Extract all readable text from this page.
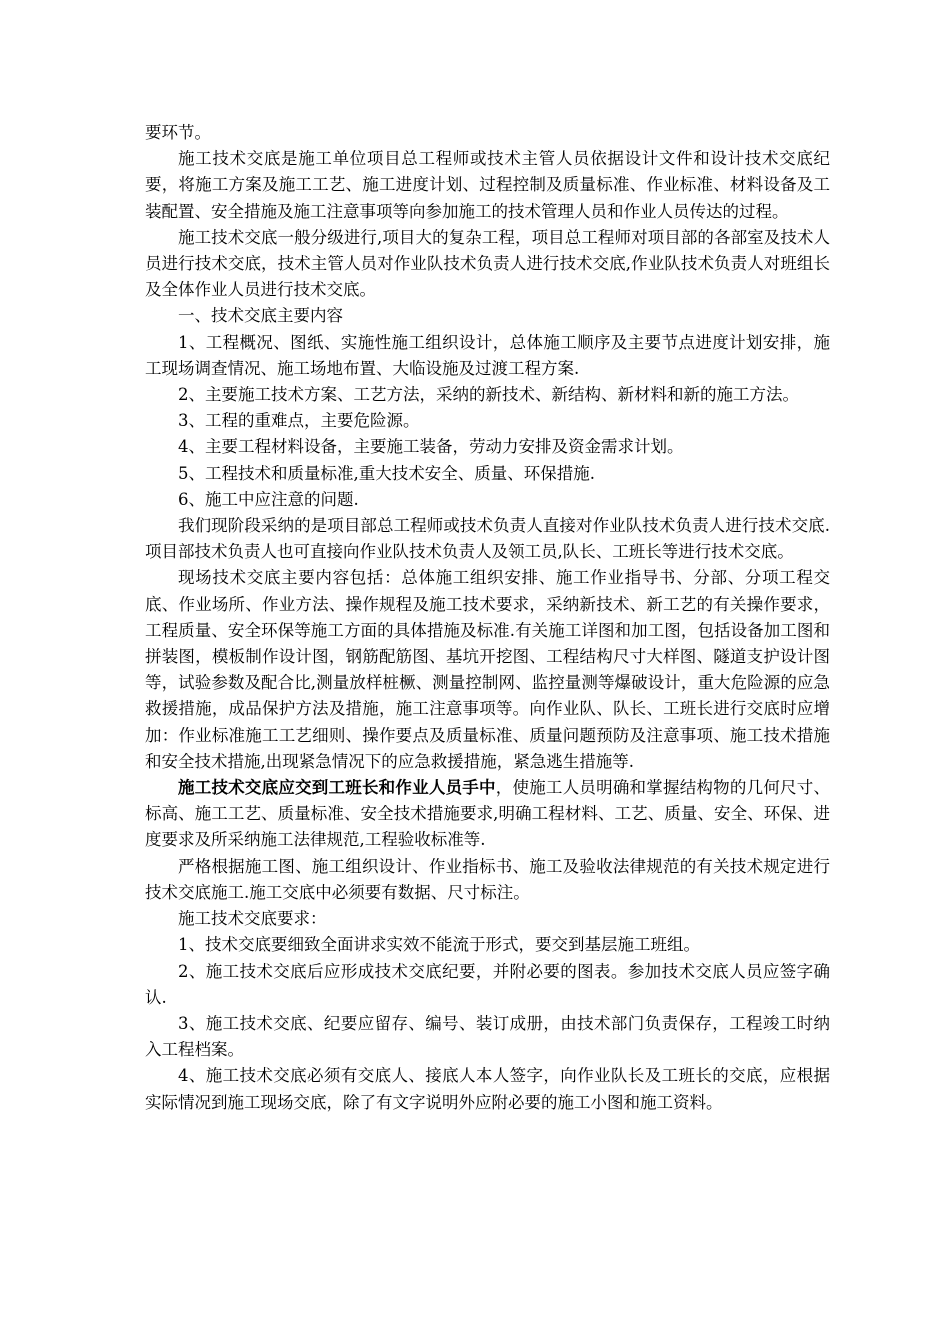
要环节。

施工技术交底是施工单位项目总工程师或技术主管人员依据设计文件和设计技术交底纪要，将施工方案及施工工艺、施工进度计划、过程控制及质量标准、作业标准、材料设备及工装配置、安全措施及施工注意事项等向参加施工的技术管理人员和作业人员传达的过程。

施工技术交底一般分级进行,项目大的复杂工程，项目总工程师对项目部的各部室及技术人员进行技术交底，技术主管人员对作业队技术负责人进行技术交底,作业队技术负责人对班组长及全体作业人员进行技术交底。

一、技术交底主要内容

1、工程概况、图纸、实施性施工组织设计，总体施工顺序及主要节点进度计划安排，施工现场调查情况、施工场地布置、大临设施及过渡工程方案.

2、主要施工技术方案、工艺方法，采纳的新技术、新结构、新材料和新的施工方法。

3、工程的重难点，主要危险源。

4、主要工程材料设备，主要施工装备，劳动力安排及资金需求计划。

5、工程技术和质量标准,重大技术安全、质量、环保措施.

6、施工中应注意的问题.

我们现阶段采纳的是项目部总工程师或技术负责人直接对作业队技术负责人进行技术交底.项目部技术负责人也可直接向作业队技术负责人及领工员,队长、工班长等进行技术交底。

现场技术交底主要内容包括：总体施工组织安排、施工作业指导书、分部、分项工程交底、作业场所、作业方法、操作规程及施工技术要求，采纳新技术、新工艺的有关操作要求，工程质量、安全环保等施工方面的具体措施及标准.有关施工详图和加工图，包括设备加工图和拼装图，模板制作设计图，钢筋配筋图、基坑开挖图、工程结构尺寸大样图、隧道支护设计图等，试验参数及配合比,测量放样桩橛、测量控制网、监控量测等爆破设计，重大危险源的应急救援措施，成品保护方法及措施，施工注意事项等。向作业队、队长、工班长进行交底时应增加：作业标准施工工艺细则、操作要点及质量标准、质量问题预防及注意事项、施工技术措施和安全技术措施,出现紧急情况下的应急救援措施，紧急逃生措施等.

施工技术交底应交到工班长和作业人员手中，使施工人员明确和掌握结构物的几何尺寸、标高、施工工艺、质量标准、安全技术措施要求,明确工程材料、工艺、质量、安全、环保、进度要求及所采纳施工法律规范,工程验收标准等.

严格根据施工图、施工组织设计、作业指标书、施工及验收法律规范的有关技术规定进行技术交底施工.施工交底中必须要有数据、尺寸标注。

施工技术交底要求：

1、技术交底要细致全面讲求实效不能流于形式，要交到基层施工班组。

2、施工技术交底后应形成技术交底纪要，并附必要的图表。参加技术交底人员应签字确认.

3、施工技术交底、纪要应留存、编号、装订成册，由技术部门负责保存，工程竣工时纳入工程档案。

4、施工技术交底必须有交底人、接底人本人签字，向作业队长及工班长的交底，应根据实际情况到施工现场交底，除了有文字说明外应附必要的施工小图和施工资料。
